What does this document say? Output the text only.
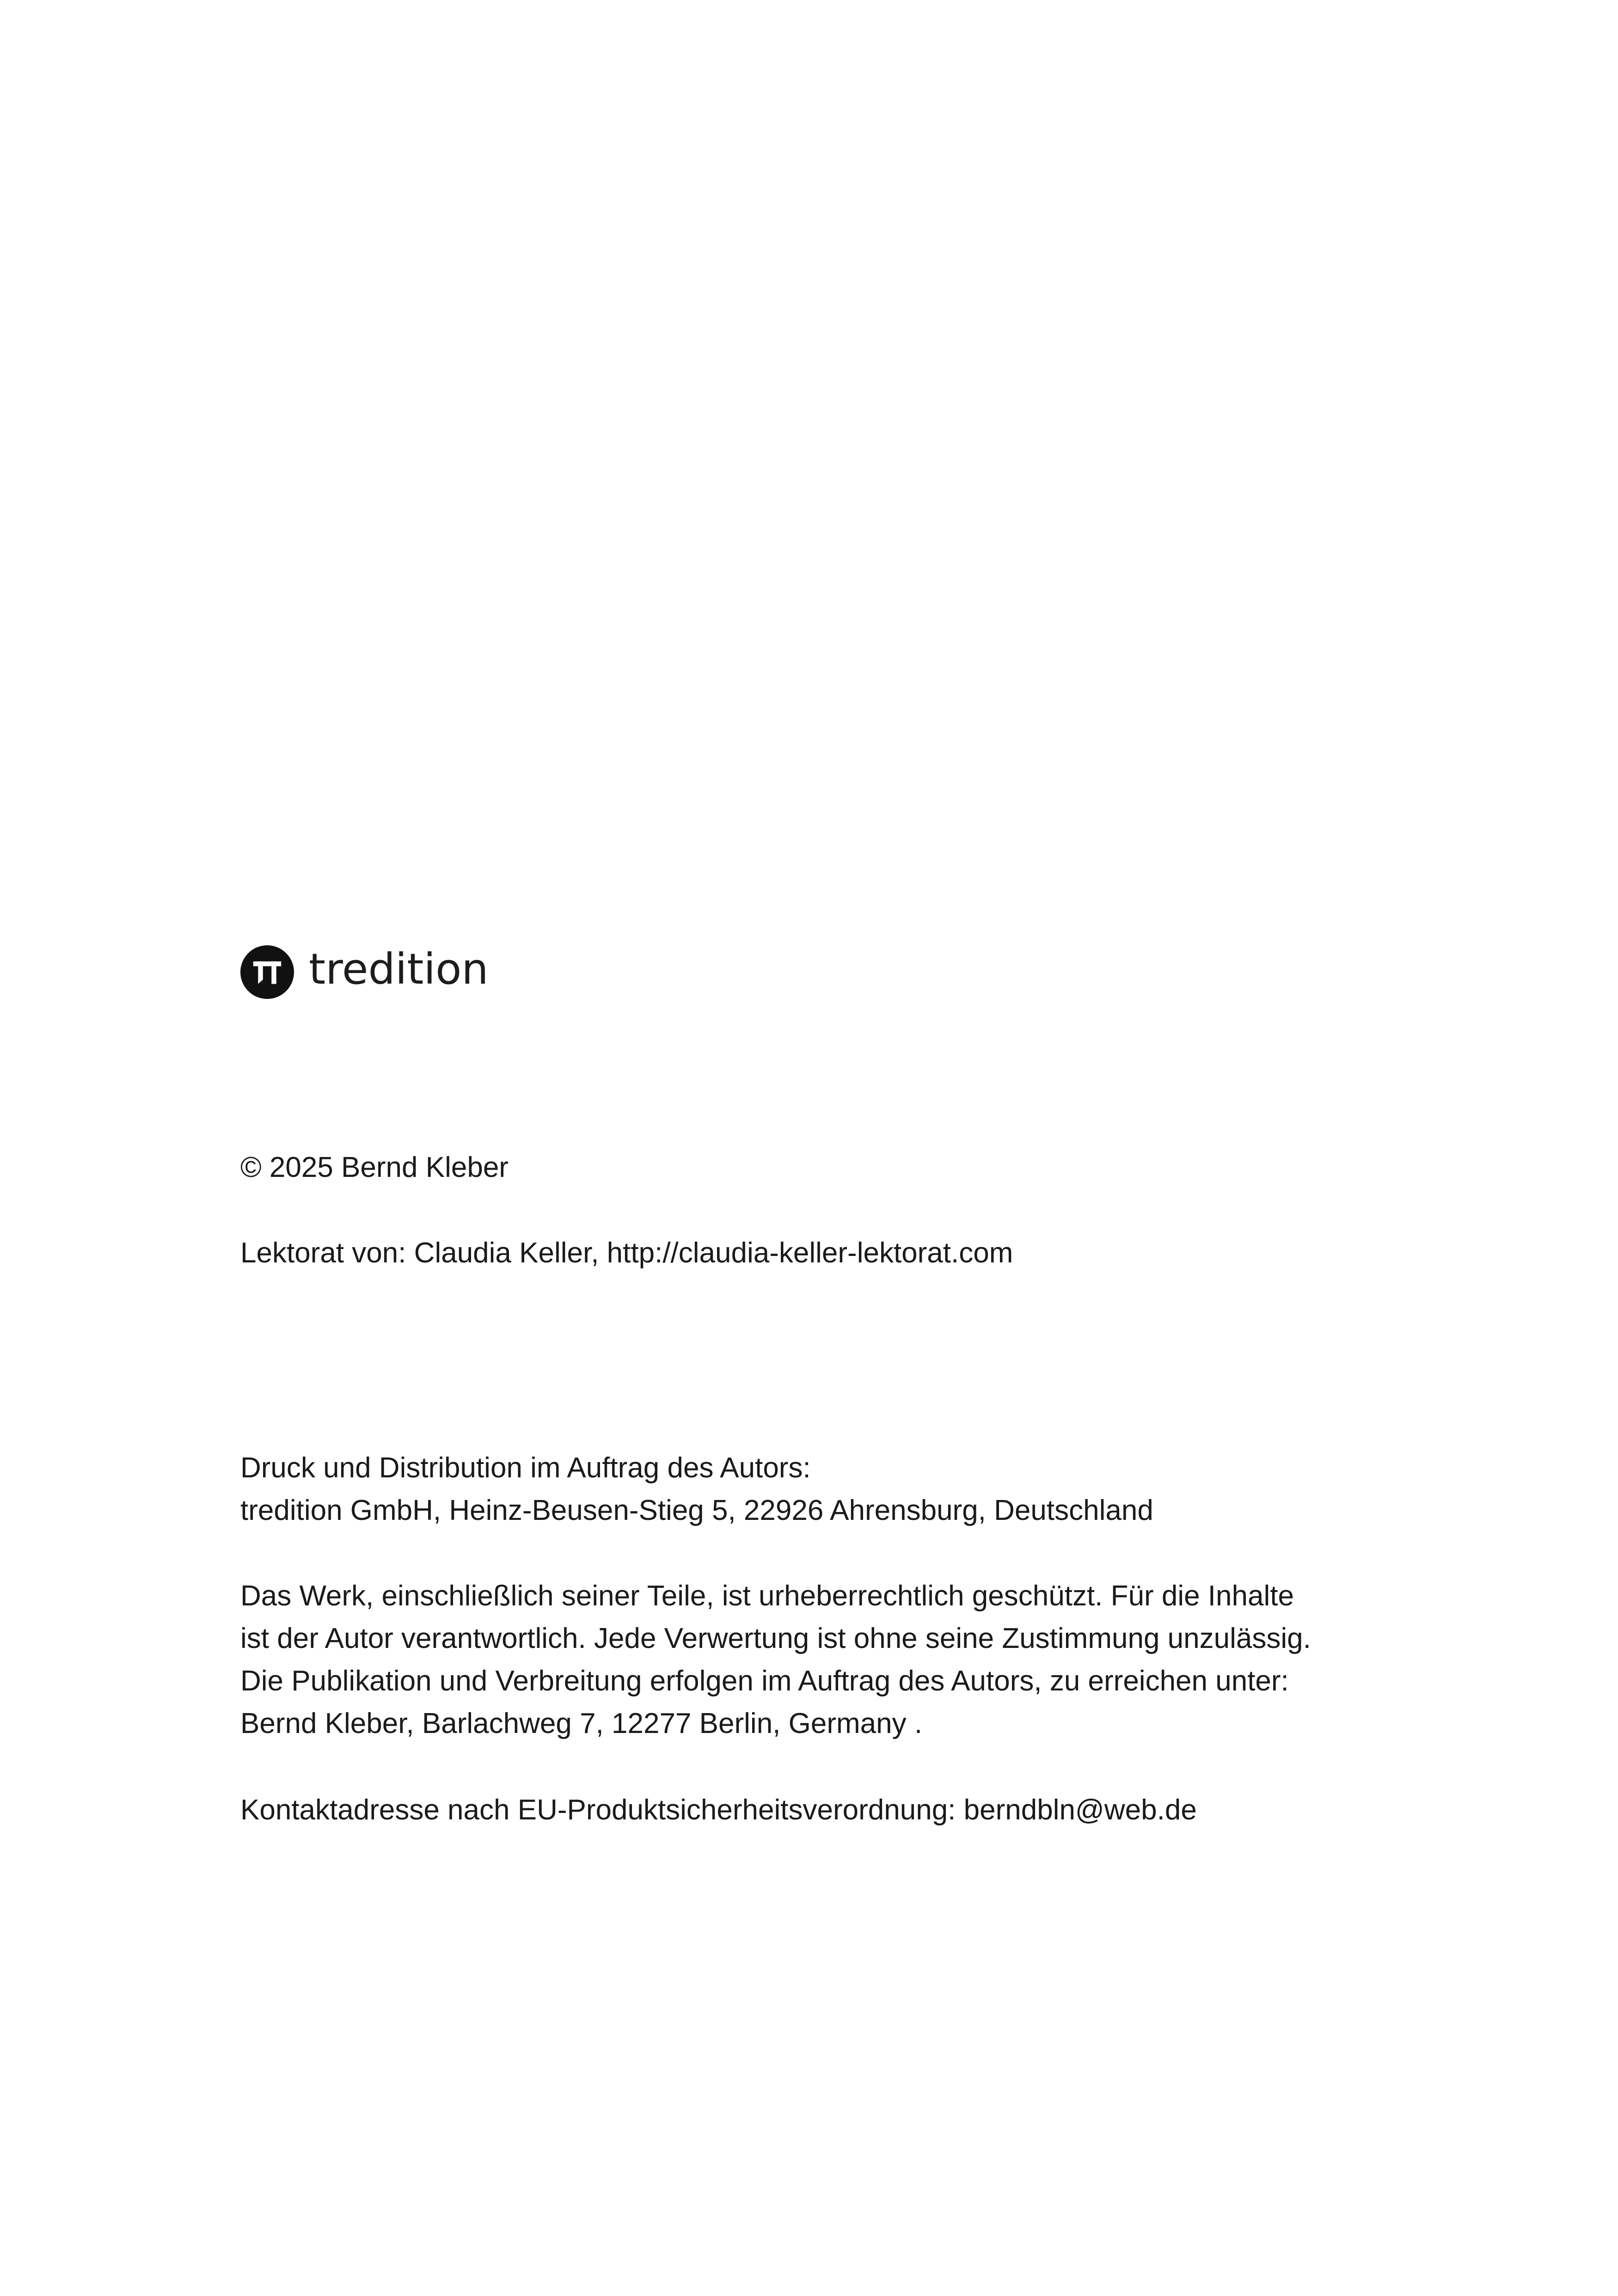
tredition

© 2025 Bernd Kleber

Lektorat von: Claudia Keller, http://claudia-keller-lektorat.com

Druck und Distribution im Auftrag des Autors:
tredition GmbH, Heinz-Beusen-Stieg 5, 22926 Ahrensburg, Deutschland

Das Werk, einschließlich seiner Teile, ist urheberrechtlich geschützt. Für die Inhalte
ist der Autor verantwortlich. Jede Verwertung ist ohne seine Zustimmung unzulässig.
Die Publikation und Verbreitung erfolgen im Auftrag des Autors, zu erreichen unter:
Bernd Kleber, Barlachweg 7, 12277 Berlin, Germany .

Kontaktadresse nach EU-Produktsicherheitsverordnung: berndbln@web.de
